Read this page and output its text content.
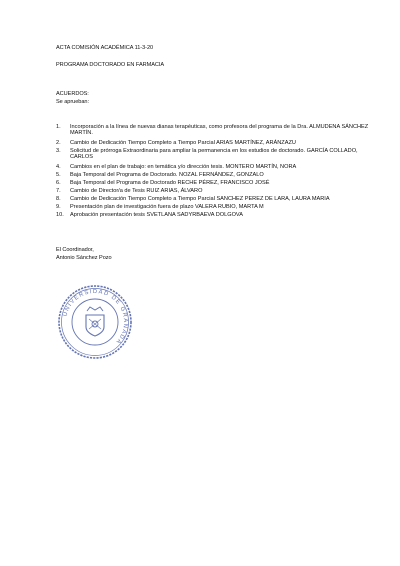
ACTA COMISIÓN ACADÉMICA 11-3-20
PROGRAMA DOCTORADO EN FARMACIA
ACUERDOS:
Se aprueban:
1.	Incorporación a la línea de nuevas dianas terapéuticas, como profesora del programa de la Dra. ALMUDENA SÁNCHEZ MARTÍN.
2.	Cambio de Dedicación Tiempo Completo a Tiempo Parcial ARIAS MARTÍNEZ, ARÁNZAZU
3.	Solicitud de prórroga Extraordinaria para ampliar la permanencia en los estudios de doctorado. GARCÍA COLLADO, CARLOS
4.	Cambios en el plan de trabajo: en temática y/o dirección tesis. MONTERO MARTÍN, NORA
5.	Baja Temporal del Programa de Doctorado. NOZAL FERNÁNDEZ, GONZALO
6.	Baja Temporal del Programa de Doctorado RECHE PÉREZ, FRANCISCO JOSÉ
7.	Cambio de Director/a de Tesis RUIZ ARIAS, ÁLVARO
8.	Cambio de Dedicación Tiempo Completo a Tiempo Parcial SANCHEZ PEREZ DE LARA, LAURA MARIA
9.	Presentación plan de investigación fuera de plazo VALERA RUBIO, MARTA M
10.	Aprobación presentación tesis SVETLANA SADYRBAEVA DOLGOVA
El Coordinador,
Antonio Sánchez Pozo
UNIVERSIDAD DE GRANADA
